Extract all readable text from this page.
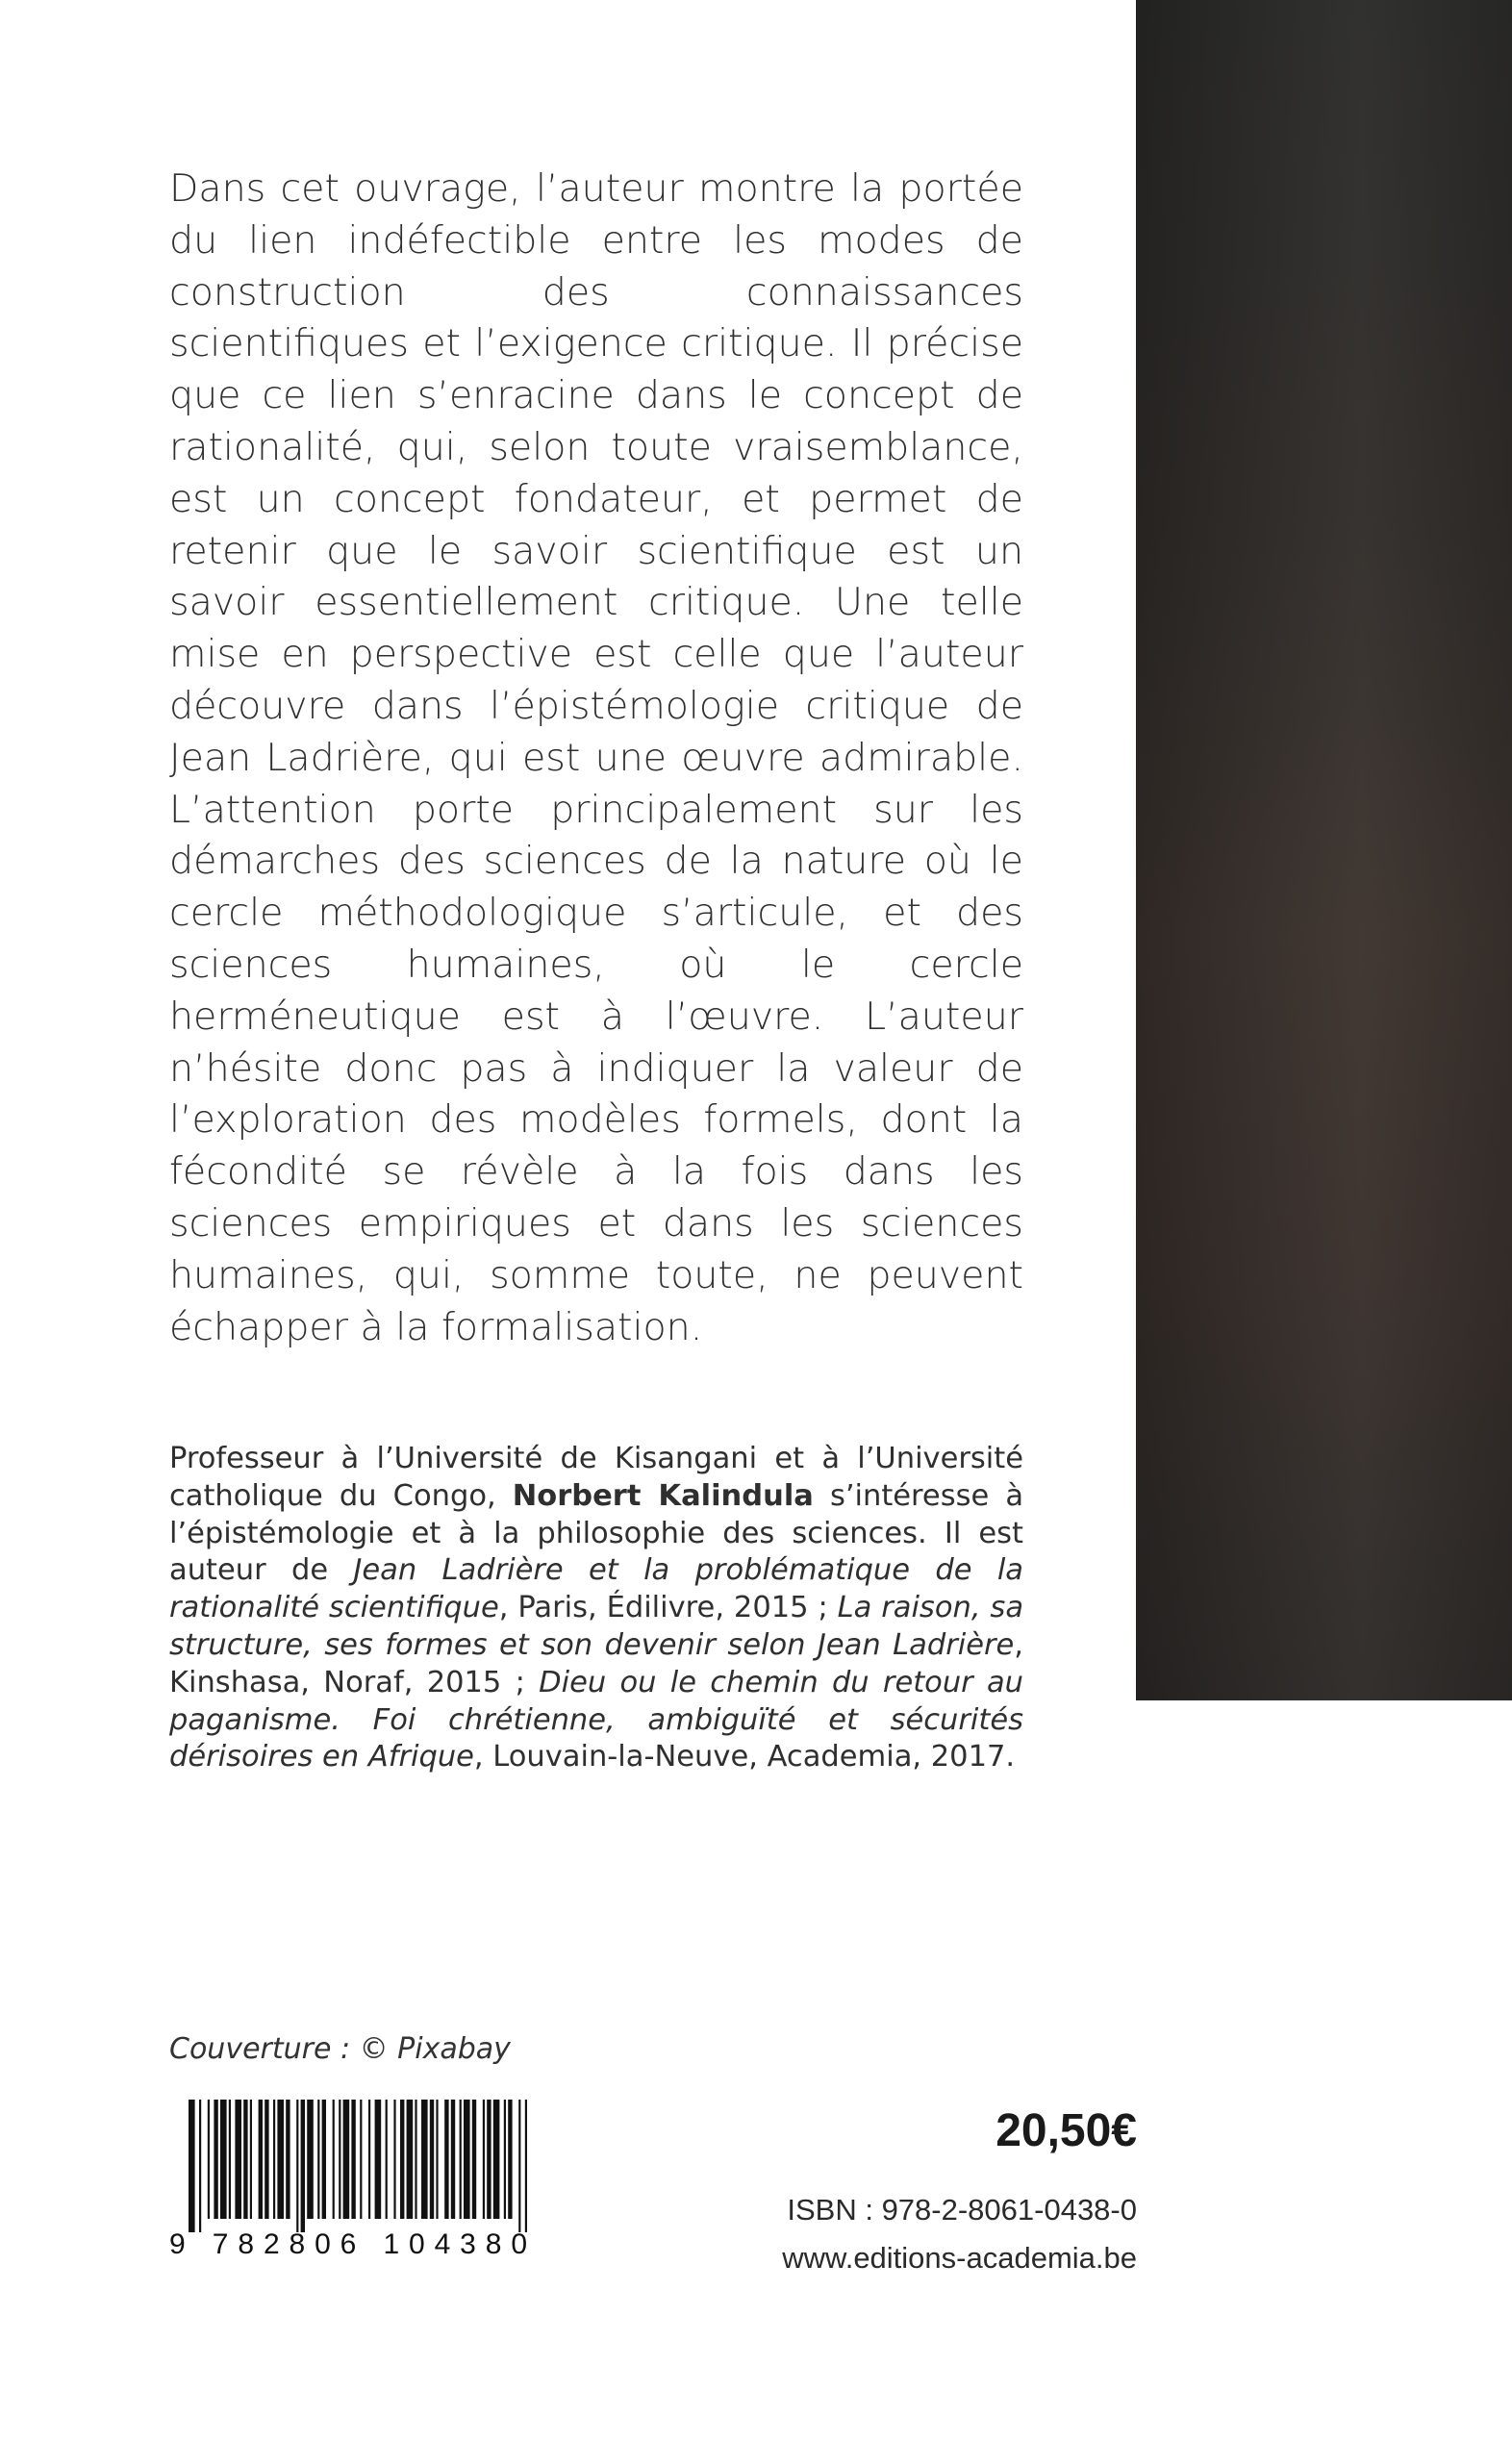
Dans cet ouvrage, l’auteur montre la portée du lien indéfectible entre les modes de construction des connaissances scientifiques et l’exigence critique. Il précise que ce lien s’enracine dans le concept de rationalité, qui, selon toute vraisemblance, est un concept fondateur, et permet de retenir que le savoir scientifique est un savoir essentiellement critique. Une telle mise en perspective est celle que l’auteur découvre dans l’épistémologie critique de Jean Ladrière, qui est une œuvre admirable. L’attention porte principalement sur les démarches des sciences de la nature où le cercle méthodologique s’articule, et des sciences humaines, où le cercle herméneutique est à l’œuvre. L’auteur n’hésite donc pas à indiquer la valeur de l’exploration des modèles formels, dont la fécondité se révèle à la fois dans les sciences empiriques et dans les sciences humaines, qui, somme toute, ne peuvent échapper à la formalisation.

Professeur à l’Université de Kisangani et à l’Université catholique du Congo, Norbert Kalindula s’intéresse à l’épistémologie et à la philosophie des sciences. Il est auteur de Jean Ladrière et la problématique de la rationalité scientifique, Paris, Édilivre, 2015 ; La raison, sa structure, ses formes et son devenir selon Jean Ladrière, Kinshasa, Noraf, 2015 ; Dieu ou le chemin du retour au paganisme. Foi chrétienne, ambiguïté et sécurités dérisoires en Afrique, Louvain-la-Neuve, Academia, 2017.
Couverture : © Pixabay
9 782806 104380
20,50€
ISBN : 978-2-8061-0438-0
www.editions-academia.be
